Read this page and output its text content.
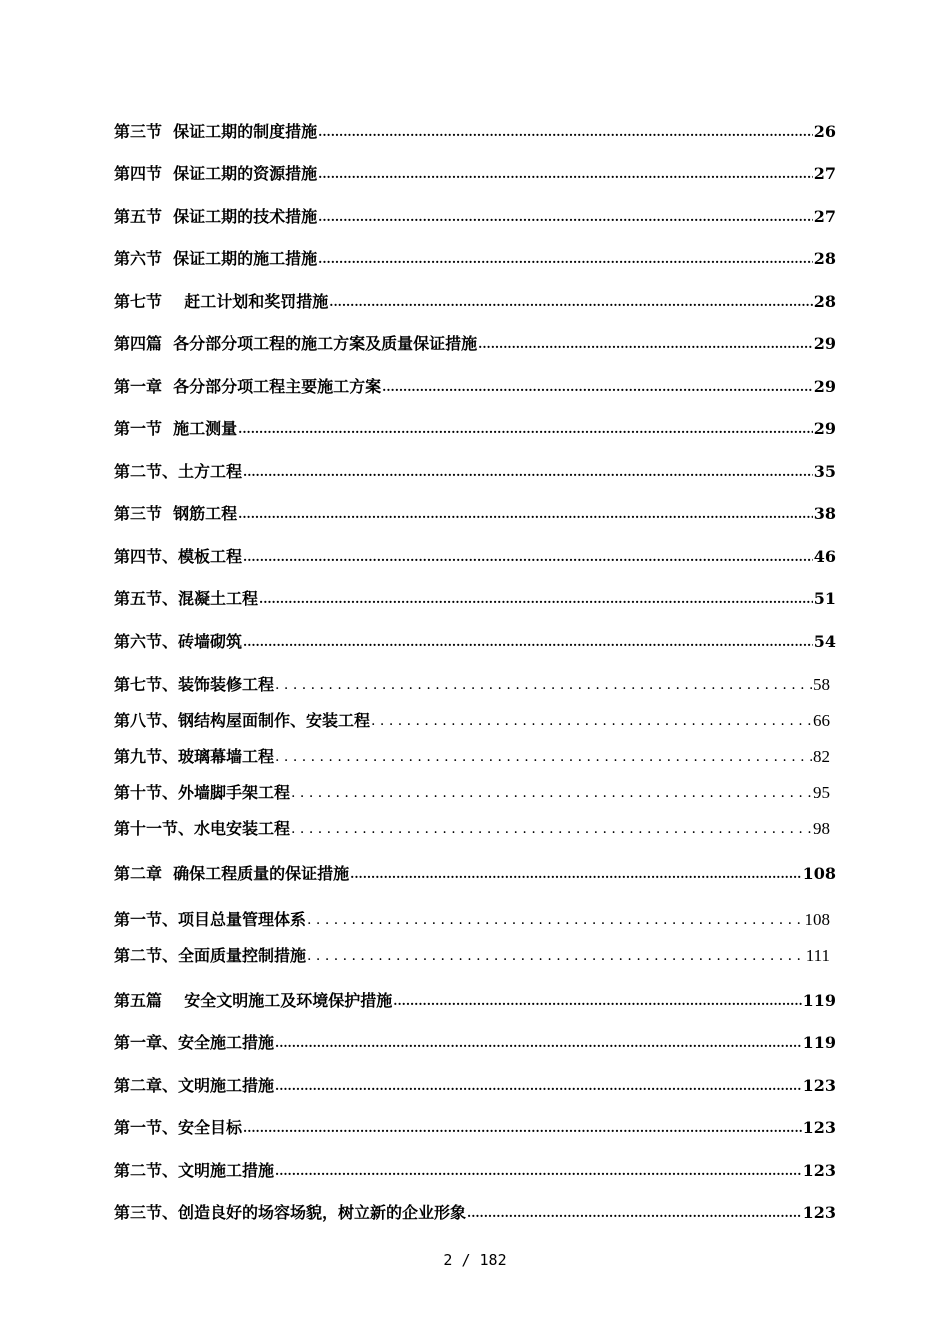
第三节  保证工期的制度措施 .....	26
第四节  保证工期的资源措施 .....	27
第五节  保证工期的技术措施 .....	27
第六节  保证工期的施工措施 .....	28
第七节    赶工计划和奖罚措施 .....	28
第四篇  各分部分项工程的施工方案及质量保证措施 .....	29
第一章  各分部分项工程主要施工方案 .....	29
第一节  施工测量 .....	29
第二节、土方工程 .....	35
第三节  钢筋工程 .....	38
第四节、模板工程 .....	46
第五节、混凝土工程 .....	51
第六节、砖墙砌筑 .....	54
第七节、装饰装修工程 . . .	58
第八节、钢结构屋面制作、安装工程 . . .	66
第九节、玻璃幕墙工程 . . .	82
第十节、外墙脚手架工程 . . .	95
第十一节、水电安装工程 . . .	98
第二章  确保工程质量的保证措施 .....	108
第一节、项目总量管理体系 . . .	108
第二节、全面质量控制措施 . . .	111
第五篇    安全文明施工及环境保护措施 .....	119
第一章、安全施工措施 .....	119
第二章、文明施工措施 .....	123
第一节、安全目标 .....	123
第二节、文明施工措施 .....	123
第三节、创造良好的场容场貌，树立新的企业形象 .....	123
2 / 182
